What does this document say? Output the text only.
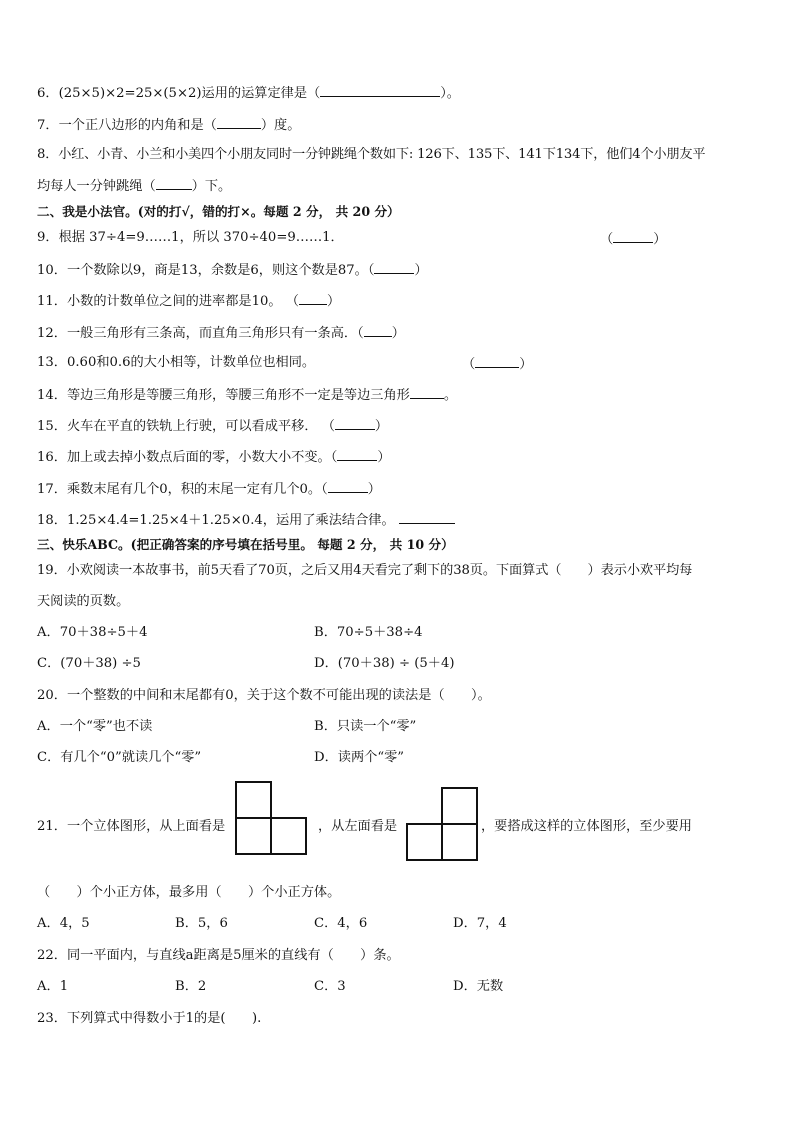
6．(25×5)×2=25×(5×2)运用的运算定律是（	）。
7．一个正八边形的内角和是（	）度。
8．小红、小青、小兰和小美四个小朋友同时一分钟跳绳个数如下: 126下、135下、141下134下，他们4个小朋友平
均每人一分钟跳绳（	）下。
二、我是小法官。(对的打√，错的打×。每题 2 分， 共 20 分）
9．根据 37÷4=9……1，所以 370÷40=9……1．	（	）
10．一个数除以9，商是13，余数是6，则这个数是87。（	）
11．小数的计数单位之间的进率都是10。 （ ）
12．一般三角形有三条高，而直角三角形只有一条高．（ ）
13．0.60和0.6的大小相等，计数单位也相同。	（	）
14．等边三角形是等腰三角形，等腰三角形不一定是等边三角形	。
15．火车在平直的铁轨上行驶，可以看成平移． （	）
16．加上或去掉小数点后面的零，小数大小不变。（	）
17．乘数末尾有几个0，积的末尾一定有几个0。（	）
18．1.25×4.4=1.25×4＋1.25×0.4，运用了乘法结合律。
三、快乐ABC。(把正确答案的序号填在括号里。 每题 2 分， 共 10 分）
19．小欢阅读一本故事书，前5天看了70页，之后又用4天看完了剩下的38页。下面算式（　　）表示小欢平均每
天阅读的页数。
A．70＋38÷5＋4	B．70÷5＋38÷4
C．(70＋38) ÷5	D．(70＋38) ÷ (5＋4)
20．一个整数的中间和末尾都有0，关于这个数不可能出现的读法是（　　）。
A．一个“零”也不读	B．只读一个“零”
C．有几个“0”就读几个“零”	D．读两个“零”
21．一个立体图形，从上面看是	，从左面看是	，要搭成这样的立体图形，至少要用
（　　）个小正方体，最多用（　　）个小正方体。
A．4，5	B．5，6	C．4，6	D．7，4
22．同一平面内，与直线a距离是5厘米的直线有（　　）条。
A．1	B．2	C．3	D．无数
23．下列算式中得数小于1的是(　　).
